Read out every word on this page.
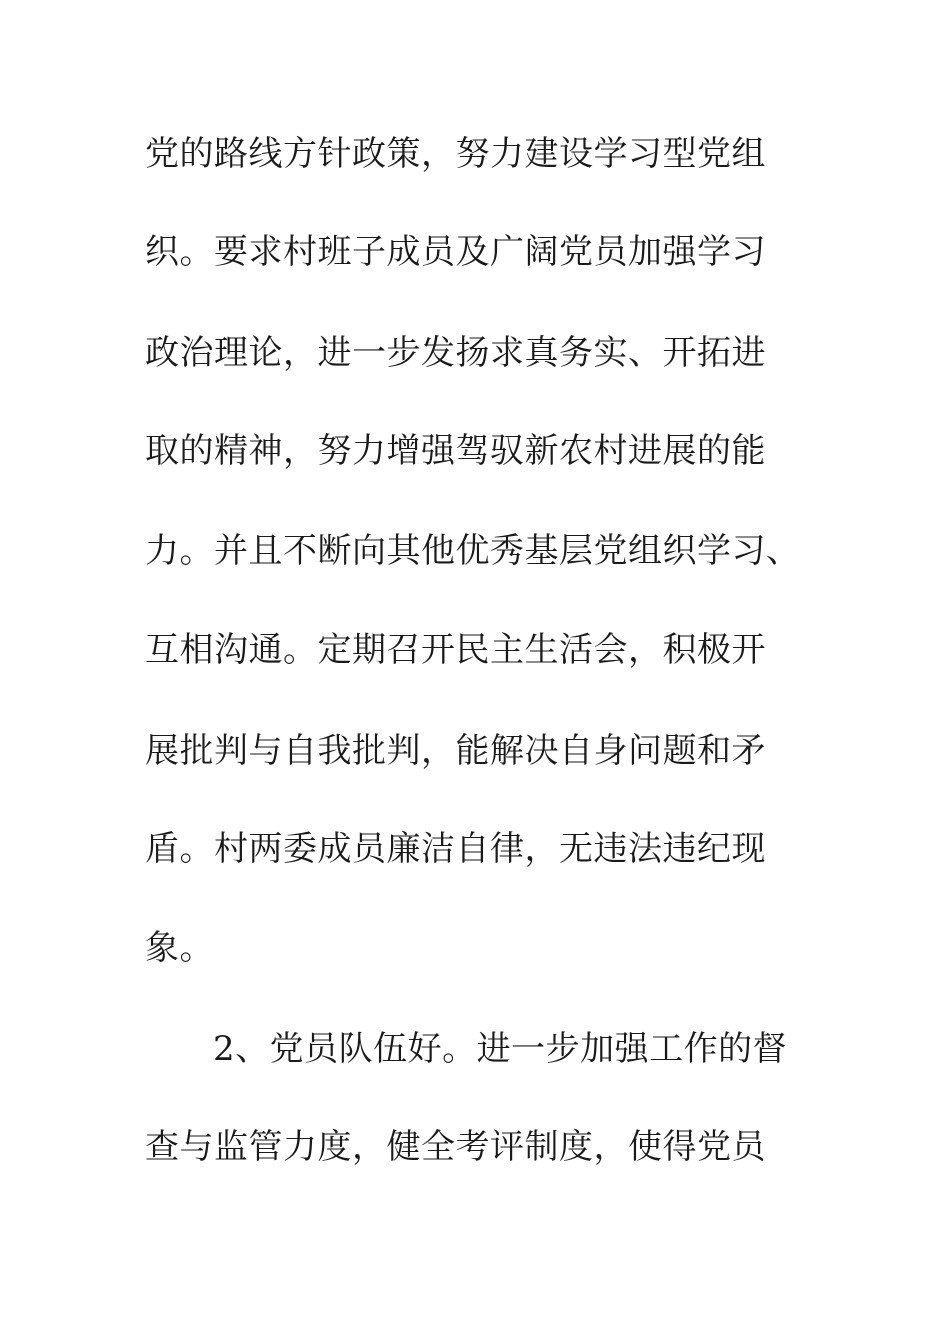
党的路线方针政策，努力建设学习型党组
织。要求村班子成员及广阔党员加强学习
政治理论，进一步发扬求真务实、开拓进
取的精神，努力增强驾驭新农村进展的能
力。并且不断向其他优秀基层党组织学习、
互相沟通。定期召开民主生活会，积极开
展批判与自我批判，能解决自身问题和矛
盾。村两委成员廉洁自律，无违法违纪现
象。
2、党员队伍好。进一步加强工作的督
查与监管力度，健全考评制度，使得党员
